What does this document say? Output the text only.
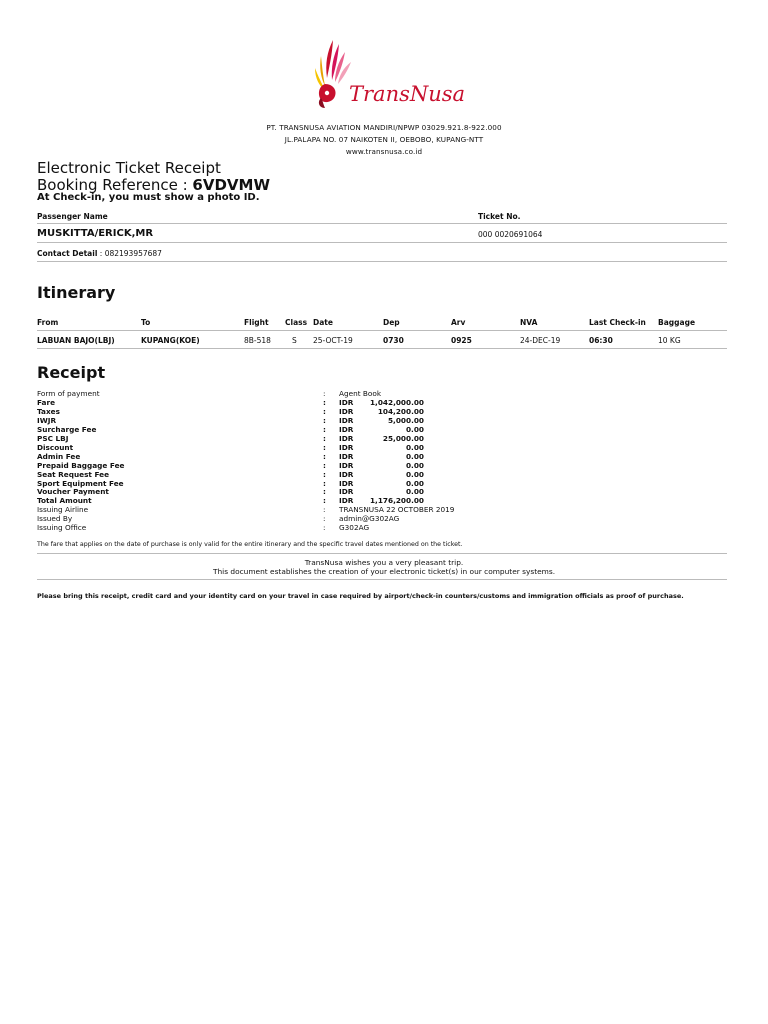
TransNusa
PT. TRANSNUSA AVIATION MANDIRI/NPWP 03029.921.8-922.000
JL.PALAPA NO. 07 NAIKOTEN II, OEBOBO, KUPANG-NTT
www.transnusa.co.id
Electronic Ticket Receipt
Booking Reference : 6VDVMW
At Check-in, you must show a photo ID.
Passenger Name	Ticket No.
MUSKITTA/ERICK,MR	000 0020691064
Contact Detail : 082193957687
Itinerary
From	To	Flight Class Date	Dep	Arv	NVA	Last Check-in Baggage
LABUAN BAJO(LBJ)	KUPANG(KOE)	8B-518	S 25-OCT-19	0730	0925	24-DEC-19	06:30	10 KG
Receipt
Form of payment	: Agent Book
Fare	: IDR	1,042,000.00
Taxes	: IDR	104,200.00
IWJR	: IDR	5,000.00
Surcharge Fee	: IDR	0.00
PSC LBJ	: IDR	25,000.00
Discount	: IDR	0.00
Admin Fee	: IDR	0.00
Prepaid Baggage Fee	: IDR	0.00
Seat Request Fee	: IDR	0.00
Sport Equipment Fee	: IDR	0.00
Voucher Payment	: IDR	0.00
Total Amount	: IDR	1,176,200.00
Issuing Airline	: TRANSNUSA 22 OCTOBER 2019
Issued By	: admin@G302AG
Issuing Office	: G302AG
The fare that applies on the date of purchase is only valid for the entire itinerary and the specific travel dates mentioned on the ticket.
TransNusa wishes you a very pleasant trip.
This document establishes the creation of your electronic ticket(s) in our computer systems.
Please bring this receipt, credit card and your identity card on your travel in case required by airport/check-in counters/customs and immigration officials as proof of purchase.
